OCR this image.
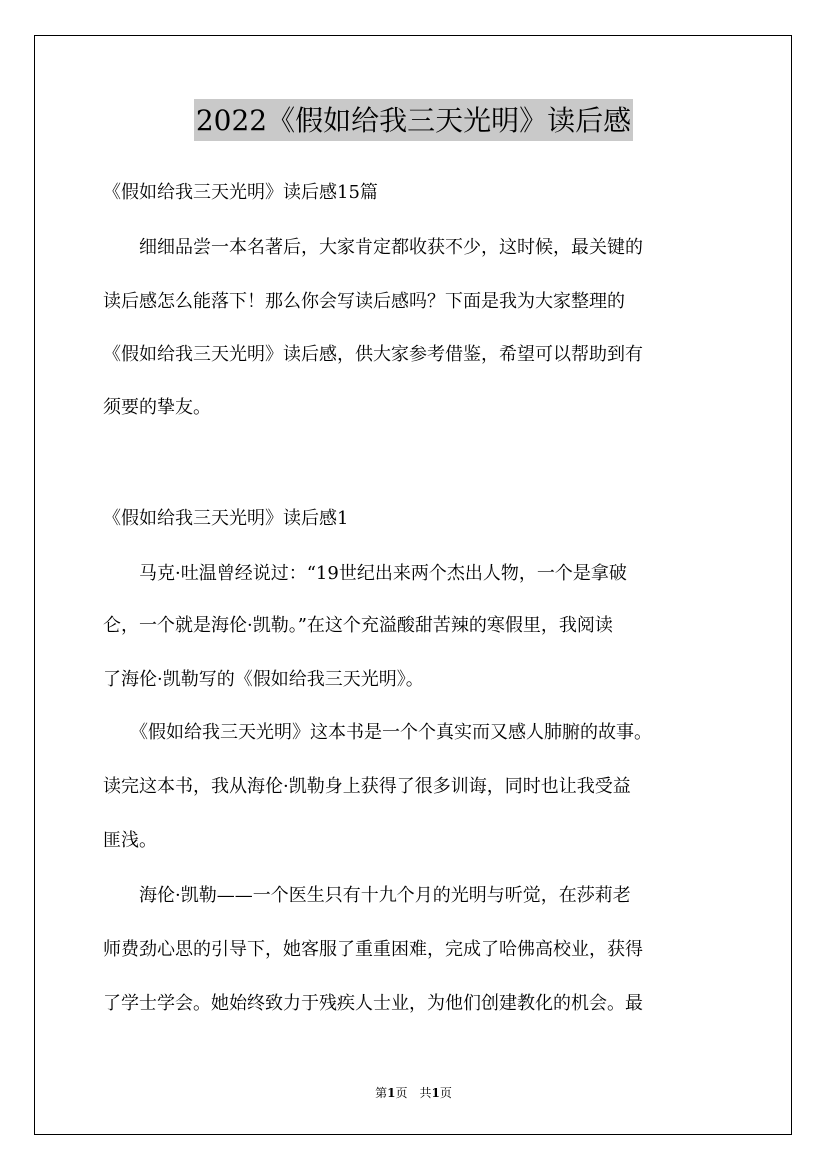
2022《假如给我三天光明》读后感
《假如给我三天光明》读后感15篇
　　细细品尝一本名著后，大家肯定都收获不少，这时候，最关键的
读后感怎么能落下！那么你会写读后感吗？下面是我为大家整理的
《假如给我三天光明》读后感，供大家参考借鉴，希望可以帮助到有
须要的挚友。
《假如给我三天光明》读后感1
　　马克·吐温曾经说过：“19世纪出来两个杰出人物，一个是拿破
仑，一个就是海伦·凯勒。”在这个充溢酸甜苦辣的寒假里，我阅读
了海伦·凯勒写的《假如给我三天光明》。
　　《假如给我三天光明》这本书是一个个真实而又感人肺腑的故事。
读完这本书，我从海伦·凯勒身上获得了很多训诲，同时也让我受益
匪浅。
　　海伦·凯勒——一个医生只有十九个月的光明与听觉，在莎莉老
师费劲心思的引导下，她客服了重重困难，完成了哈佛高校业，获得
了学士学会。她始终致力于残疾人士业，为他们创建教化的机会。最
第1页　共1页
